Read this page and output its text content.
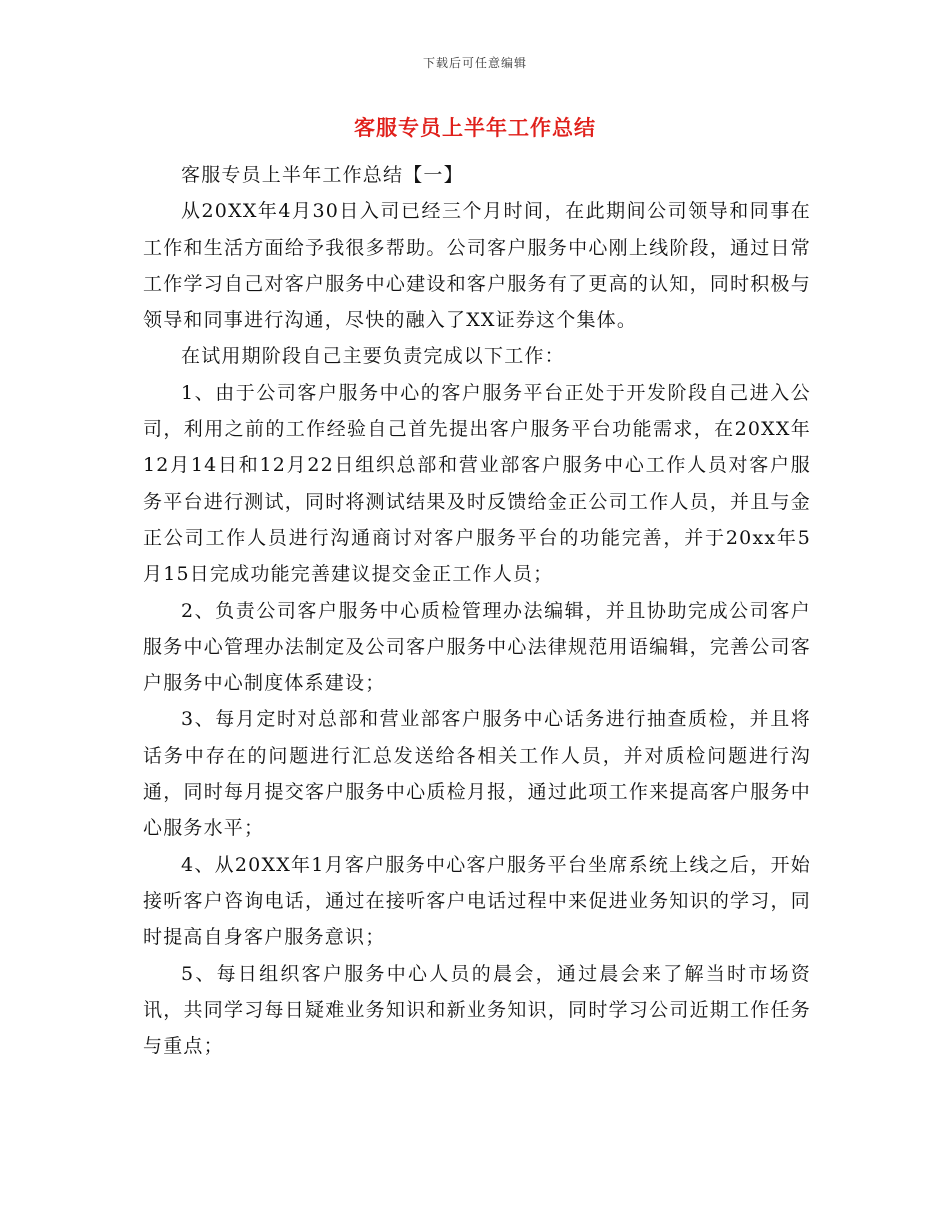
下载后可任意编辑
客服专员上半年工作总结

客服专员上半年工作总结【一】

从20XX年4月30日入司已经三个月时间，在此期间公司领导和同事在工作和生活方面给予我很多帮助。公司客户服务中心刚上线阶段，通过日常工作学习自己对客户服务中心建设和客户服务有了更高的认知，同时积极与领导和同事进行沟通，尽快的融入了XX证券这个集体。

在试用期阶段自己主要负责完成以下工作：

1、由于公司客户服务中心的客户服务平台正处于开发阶段自己进入公司，利用之前的工作经验自己首先提出客户服务平台功能需求，在20XX年12月14日和12月22日组织总部和营业部客户服务中心工作人员对客户服务平台进行测试，同时将测试结果及时反馈给金正公司工作人员，并且与金正公司工作人员进行沟通商讨对客户服务平台的功能完善，并于20xx年5月15日完成功能完善建议提交金正工作人员；

2、负责公司客户服务中心质检管理办法编辑，并且协助完成公司客户服务中心管理办法制定及公司客户服务中心法律规范用语编辑，完善公司客户服务中心制度体系建设；

3、每月定时对总部和营业部客户服务中心话务进行抽查质检，并且将话务中存在的问题进行汇总发送给各相关工作人员，并对质检问题进行沟通，同时每月提交客户服务中心质检月报，通过此项工作来提高客户服务中心服务水平；

4、从20XX年1月客户服务中心客户服务平台坐席系统上线之后，开始接听客户咨询电话，通过在接听客户电话过程中来促进业务知识的学习，同时提高自身客户服务意识；

5、每日组织客户服务中心人员的晨会，通过晨会来了解当时市场资讯，共同学习每日疑难业务知识和新业务知识，同时学习公司近期工作任务与重点；
